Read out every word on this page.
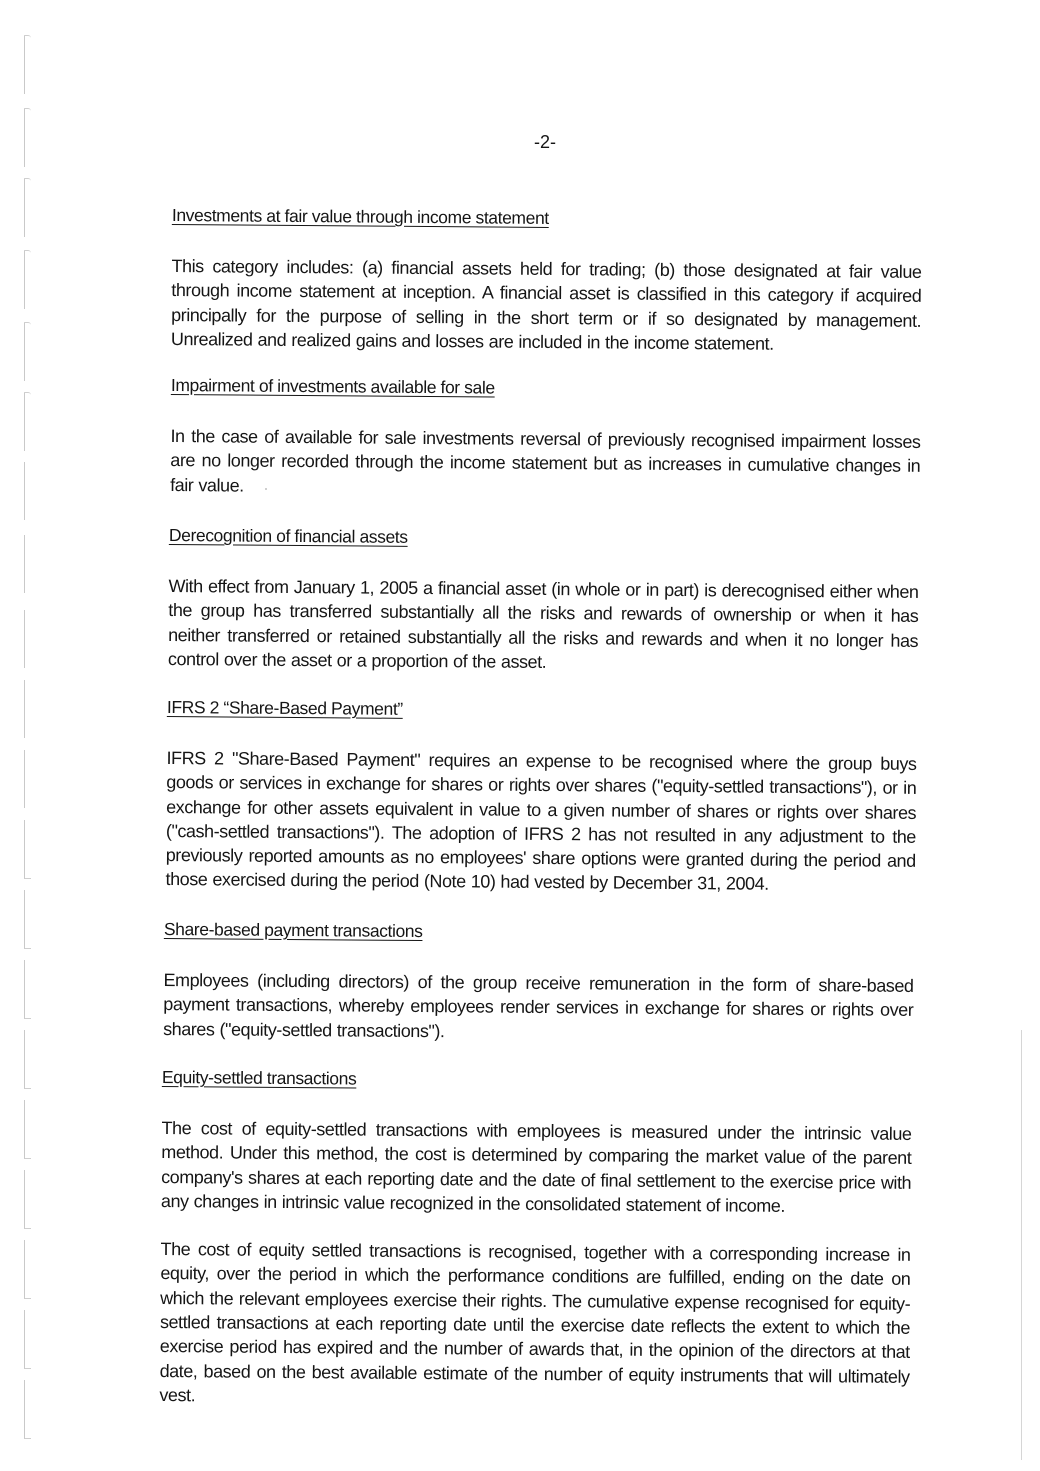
-2-

Investments at fair value through income statement

This category includes: (a) financial assets held for trading; (b) those designated at fair value through income statement at inception. A financial asset is classified in this category if acquired principally for the purpose of selling in the short term or if so designated by management. Unrealized and realized gains and losses are included in the income statement.

Impairment of investments available for sale

In the case of available for sale investments reversal of previously recognised impairment losses are no longer recorded through the income statement but as increases in cumulative changes in fair value.

Derecognition of financial assets

With effect from January 1, 2005 a financial asset (in whole or in part) is derecognised either when the group has transferred substantially all the risks and rewards of ownership or when it has neither transferred or retained substantially all the risks and rewards and when it no longer has control over the asset or a proportion of the asset.

IFRS 2 “Share-Based Payment”

IFRS 2 "Share-Based Payment" requires an expense to be recognised where the group buys goods or services in exchange for shares or rights over shares ("equity-settled transactions"), or in exchange for other assets equivalent in value to a given number of shares or rights over shares ("cash-settled transactions"). The adoption of IFRS 2 has not resulted in any adjustment to the previously reported amounts as no employees' share options were granted during the period and those exercised during the period (Note 10) had vested by December 31, 2004.

Share-based payment transactions

Employees (including directors) of the group receive remuneration in the form of share-based payment transactions, whereby employees render services in exchange for shares or rights over shares ("equity-settled transactions").

Equity-settled transactions

The cost of equity-settled transactions with employees is measured under the intrinsic value method. Under this method, the cost is determined by comparing the market value of the parent company's shares at each reporting date and the date of final settlement to the exercise price with any changes in intrinsic value recognized in the consolidated statement of income.

The cost of equity settled transactions is recognised, together with a corresponding increase in equity, over the period in which the performance conditions are fulfilled, ending on the date on which the relevant employees exercise their rights. The cumulative expense recognised for equity-settled transactions at each reporting date until the exercise date reflects the extent to which the exercise period has expired and the number of awards that, in the opinion of the directors at that date, based on the best available estimate of the number of equity instruments that will ultimately vest.
